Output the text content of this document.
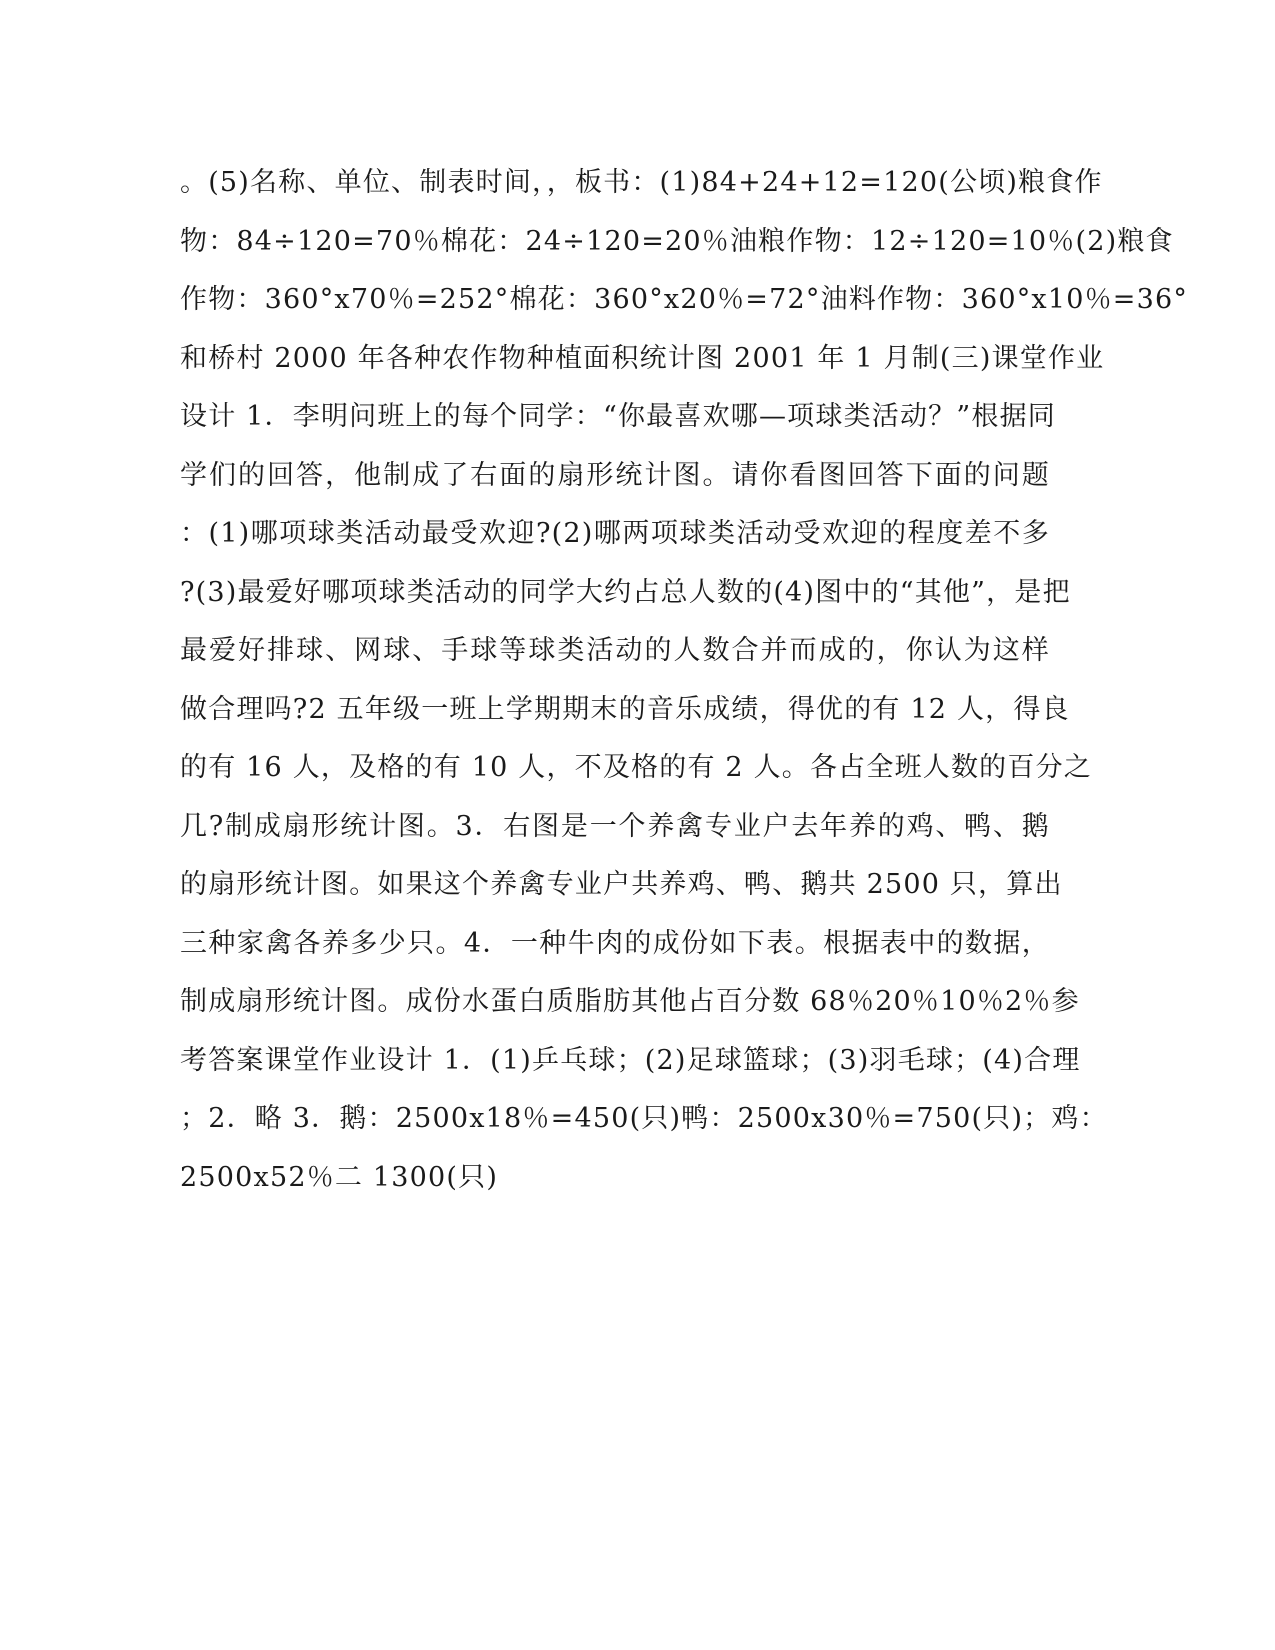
。(5)名称、单位、制表时间，，板书：(1)84+24+12=120(公顷)粮食作
物：84÷120=70％棉花：24÷120=20％油粮作物：12÷120=10％(2)粮食
作物：360°x70％=252°棉花：360°x20％=72°油料作物：360°x10％=36°
和桥村 2000 年各种农作物种植面积统计图 2001 年 1 月制(三)课堂作业
设计 1．李明问班上的每个同学：“你最喜欢哪—项球类活动？”根据同
学们的回答，他制成了右面的扇形统计图。请你看图回答下面的问题
：(1)哪项球类活动最受欢迎?(2)哪两项球类活动受欢迎的程度差不多
?(3)最爱好哪项球类活动的同学大约占总人数的(4)图中的“其他”，是把
最爱好排球、网球、手球等球类活动的人数合并而成的，你认为这样
做合理吗?2 五年级一班上学期期末的音乐成绩，得优的有 12 人，得良
的有 16 人，及格的有 10 人，不及格的有 2 人。各占全班人数的百分之
几?制成扇形统计图。3．右图是一个养禽专业户去年养的鸡、鸭、鹅
的扇形统计图。如果这个养禽专业户共养鸡、鸭、鹅共 2500 只，算出
三种家禽各养多少只。4．一种牛肉的成份如下表。根据表中的数据，
制成扇形统计图。成份水蛋白质脂肪其他占百分数 68％20％10％2％参
考答案课堂作业设计 1．(1)乒乓球；(2)足球篮球；(3)羽毛球；(4)合理
；2．略 3．鹅：2500x18％=450(只)鸭：2500x30％=750(只)；鸡：
2500x52％二 1300(只)
